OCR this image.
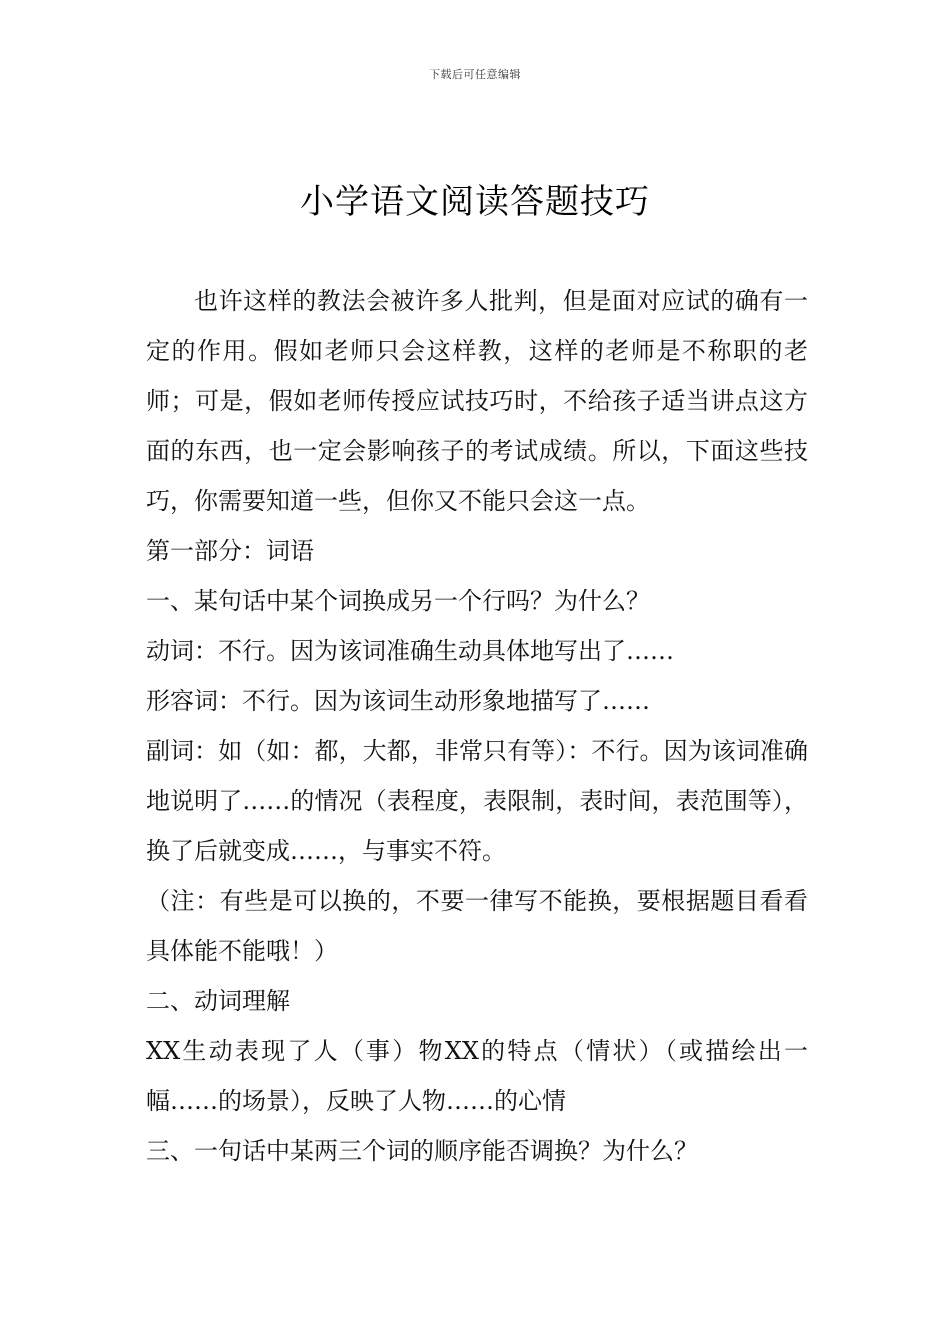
下载后可任意编辑
小学语文阅读答题技巧

也许这样的教法会被许多人批判，但是面对应试的确有一定的作用。假如老师只会这样教，这样的老师是不称职的老师；可是，假如老师传授应试技巧时，不给孩子适当讲点这方面的东西，也一定会影响孩子的考试成绩。所以，下面这些技巧，你需要知道一些，但你又不能只会这一点。

第一部分：词语

一、某句话中某个词换成另一个行吗？为什么？

动词：不行。因为该词准确生动具体地写出了……

形容词：不行。因为该词生动形象地描写了……

副词：如（如：都，大都，非常只有等）：不行。因为该词准确地说明了……的情况（表程度，表限制，表时间，表范围等），换了后就变成……，与事实不符。

（注：有些是可以换的，不要一律写不能换，要根据题目看看具体能不能哦！）

二、动词理解

XX生动表现了人（事）物XX的特点（情状）（或描绘出一幅……的场景），反映了人物……的心情

三、一句话中某两三个词的顺序能否调换？为什么？
